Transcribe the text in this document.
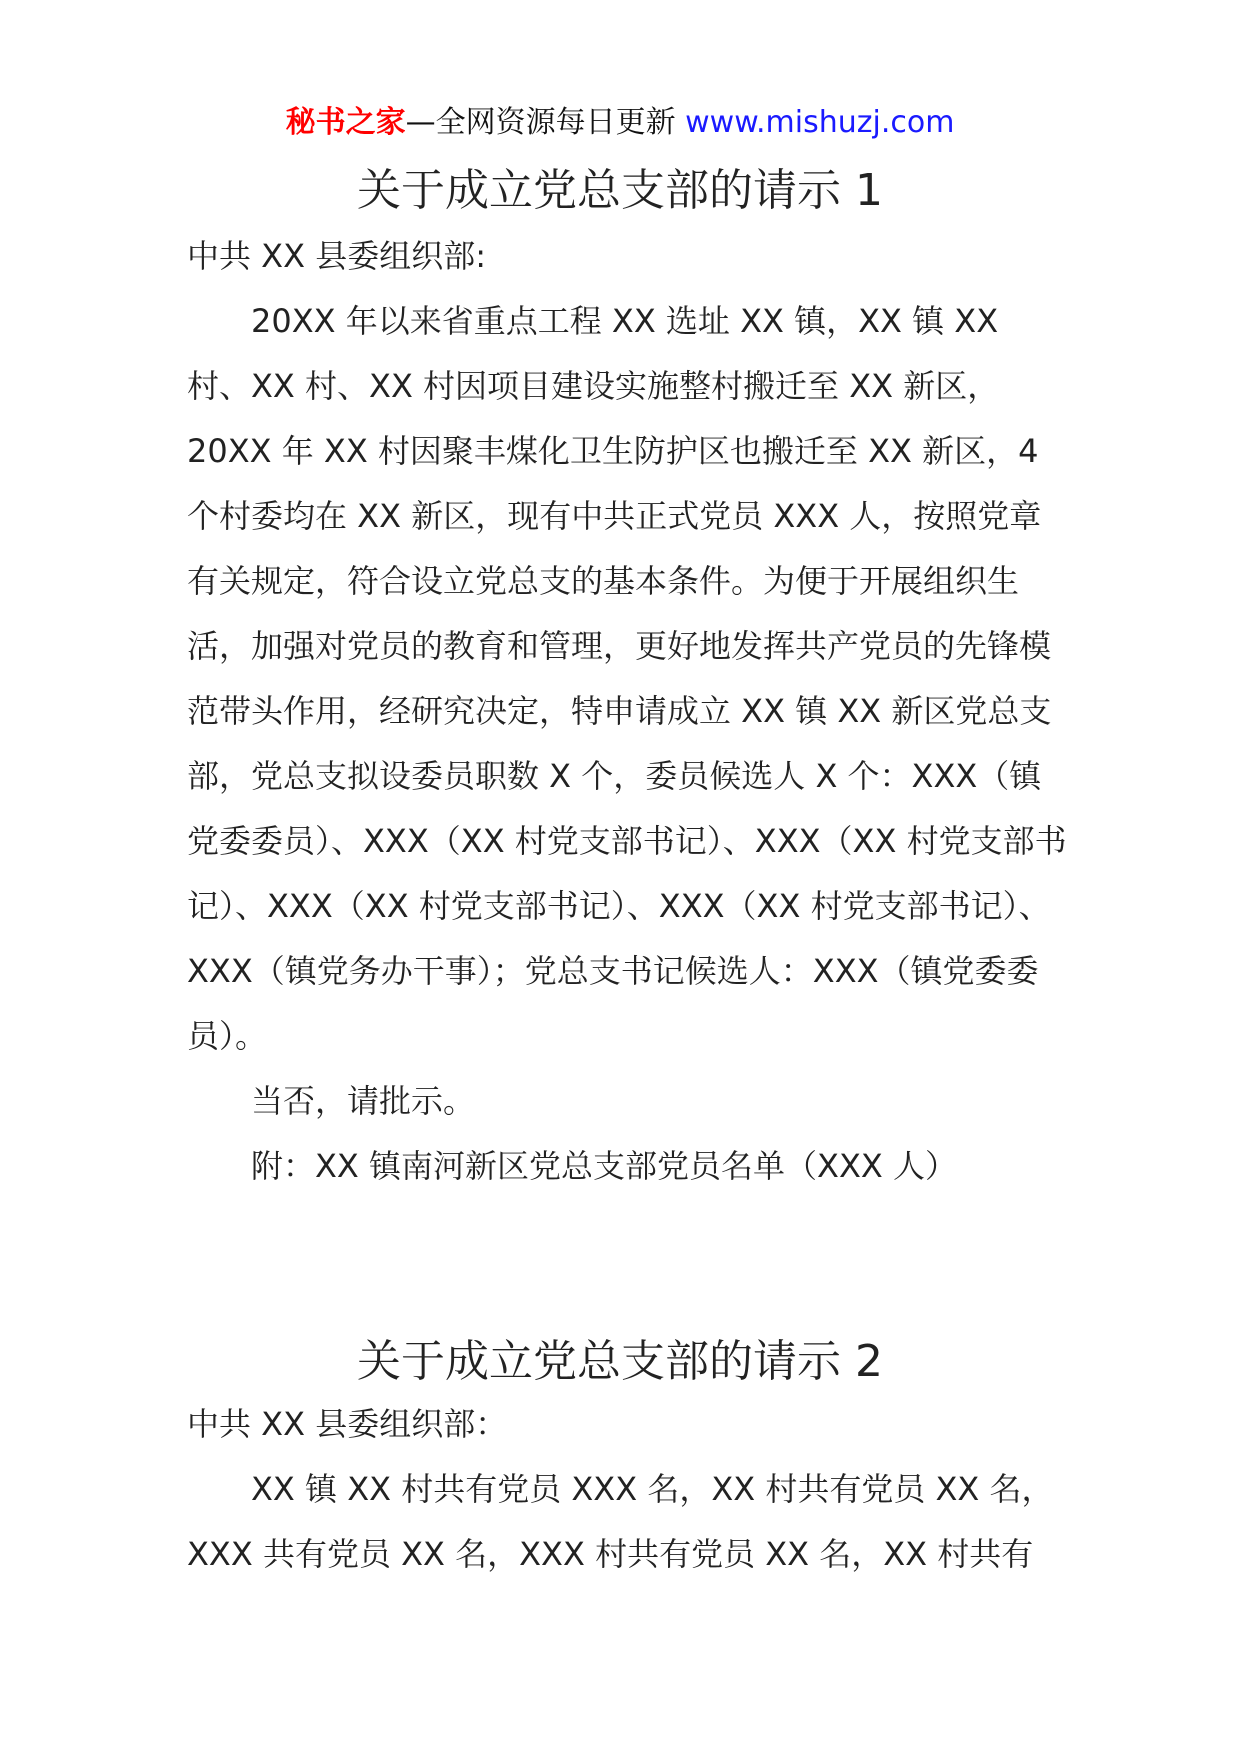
秘书之家—全网资源每日更新 www.mishuzj.com
关于成立党总支部的请示 1

中共 XX 县委组织部:

20XX 年以来省重点工程 XX 选址 XX 镇，XX 镇 XX 村、XX 村、XX 村因项目建设实施整村搬迁至 XX 新区，20XX 年 XX 村因聚丰煤化卫生防护区也搬迁至 XX 新区，4 个村委均在 XX 新区，现有中共正式党员 XXX 人，按照党章有关规定，符合设立党总支的基本条件。为便于开展组织生活，加强对党员的教育和管理，更好地发挥共产党员的先锋模范带头作用，经研究决定，特申请成立 XX 镇 XX 新区党总支部，党总支拟设委员职数 X 个，委员候选人 X 个：XXX（镇党委委员）、XXX（XX 村党支部书记）、XXX（XX 村党支部书记）、XXX（XX 村党支部书记）、XXX（XX 村党支部书记）、XXX（镇党务办干事）；党总支书记候选人：XXX（镇党委委员）。

当否，请批示。

附：XX 镇南河新区党总支部党员名单（XXX 人）

关于成立党总支部的请示 2

中共 XX 县委组织部：

XX 镇 XX 村共有党员 XXX 名，XX 村共有党员 XX 名，XXX 共有党员 XX 名，XXX 村共有党员 XX 名，XX 村共有
